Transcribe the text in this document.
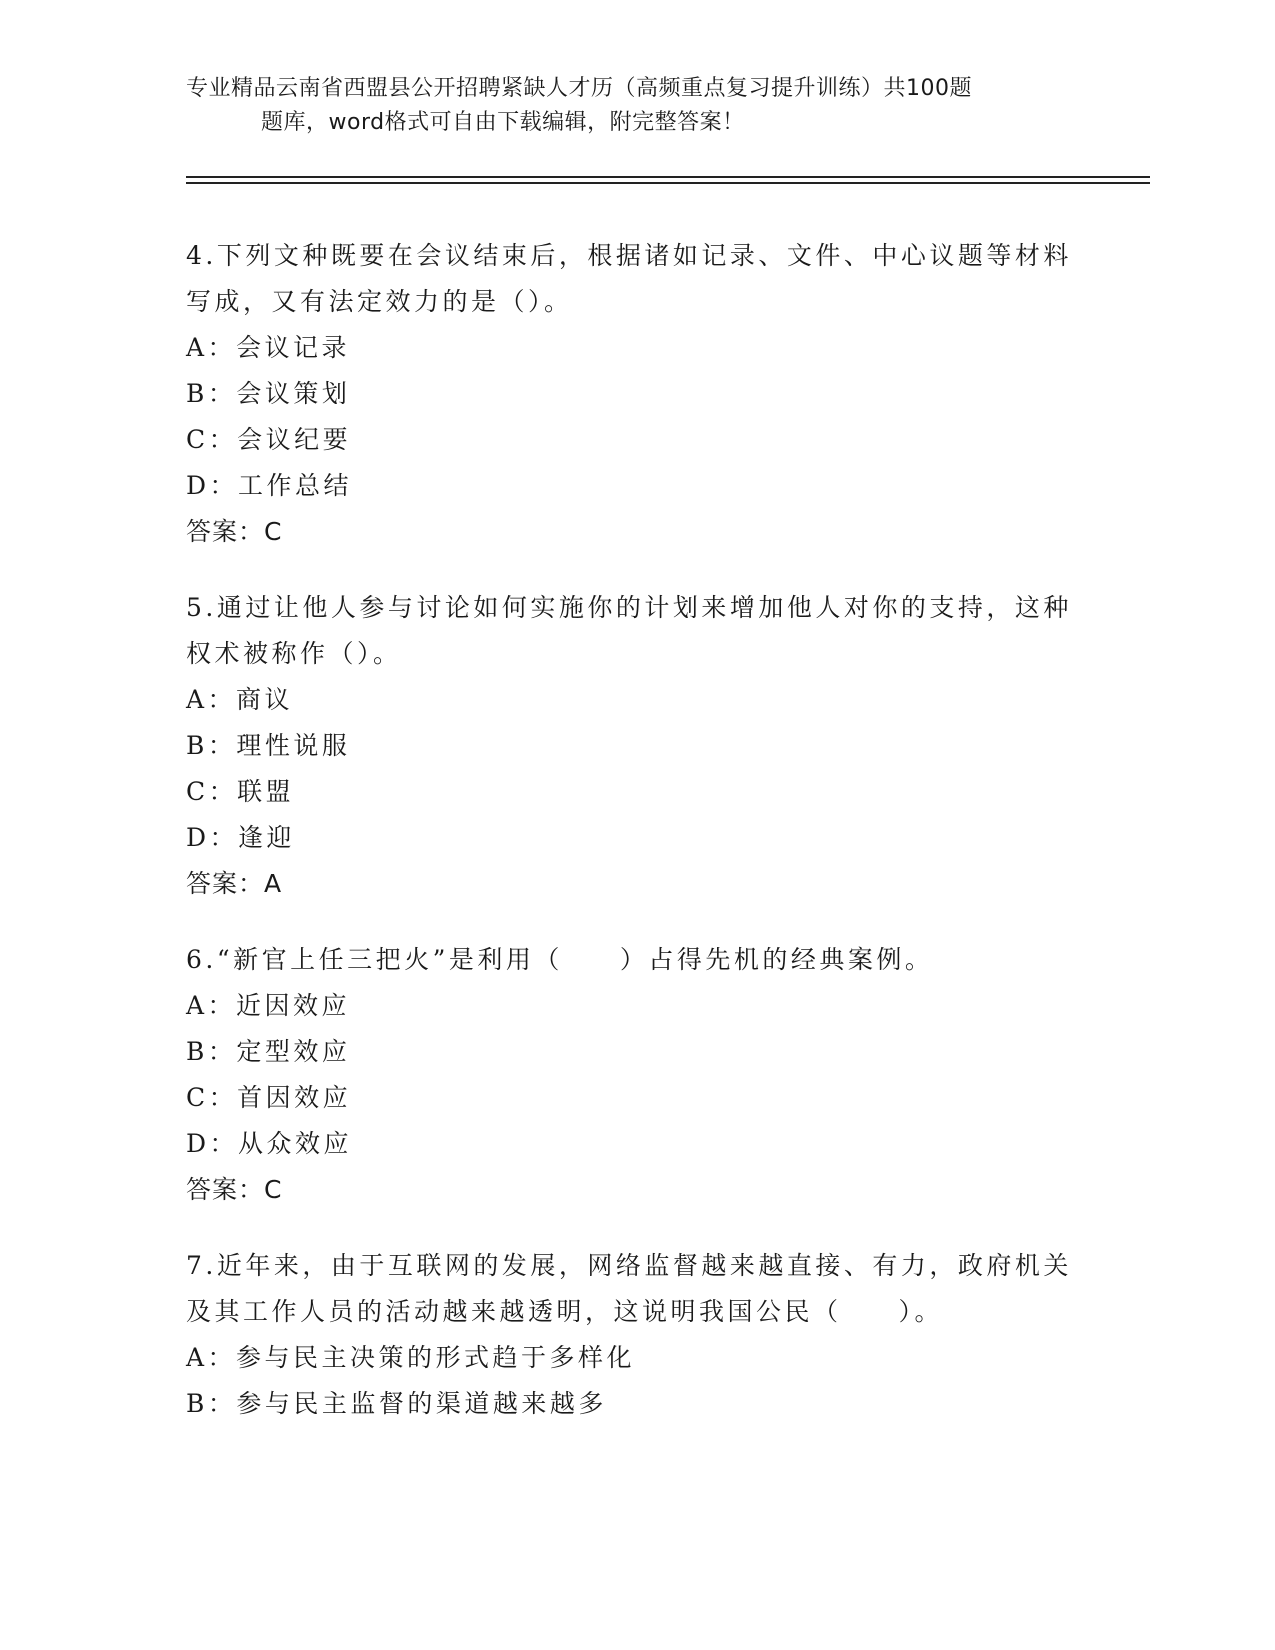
专业精品云南省西盟县公开招聘紧缺人才历（高频重点复习提升训练）共100题
题库，word格式可自由下载编辑，附完整答案！

4.下列文种既要在会议结束后，根据诸如记录、文件、中心议题等材料写成，又有法定效力的是（）。

A：会议记录

B：会议策划

C：会议纪要

D：工作总结

答案：C

5.通过让他人参与讨论如何实施你的计划来增加他人对你的支持，这种权术被称作（）。

A：商议

B：理性说服

C：联盟

D：逢迎

答案：A

6.“新官上任三把火”是利用（　　）占得先机的经典案例。

A：近因效应

B：定型效应

C：首因效应

D：从众效应

答案：C

7.近年来，由于互联网的发展，网络监督越来越直接、有力，政府机关及其工作人员的活动越来越透明，这说明我国公民（　　）。

A：参与民主决策的形式趋于多样化

B：参与民主监督的渠道越来越多
